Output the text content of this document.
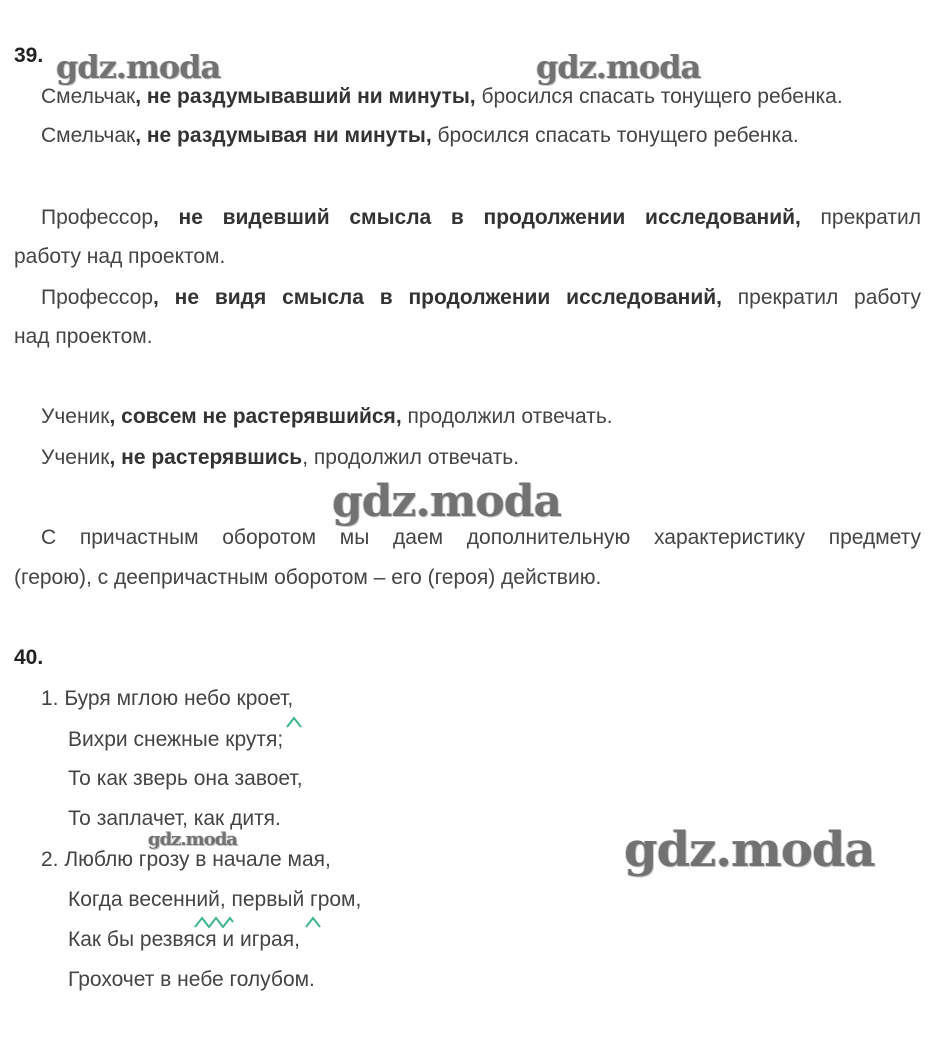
gdz.moda	gdz.moda
gdz.moda
gdz.moda	gdz.moda
39.
Смельчак, не раздумывавший ни минуты, бросился спасать тонущего ребенка.
Смельчак, не раздумывая ни минуты, бросился спасать тонущего ребенка.
Профессор, не видевший смысла в продолжении исследований, прекратил
работу над проектом.
Профессор, не видя смысла в продолжении исследований, прекратил работу
над проектом.
Ученик, совсем не растерявшийся, продолжил отвечать.
Ученик, не растерявшись, продолжил отвечать.
С причастным оборотом мы даем дополнительную характеристику предмету
(герою), с деепричастным оборотом – его (героя) действию.
40.
1. Буря мглою небо кроет,
Вихри снежные крутя;
То как зверь она завоет,
То заплачет, как дитя.
2. Люблю грозу в начале мая,
Когда весенний, первый гром,
Как бы резвяся и играя,
Грохочет в небе голубом.
